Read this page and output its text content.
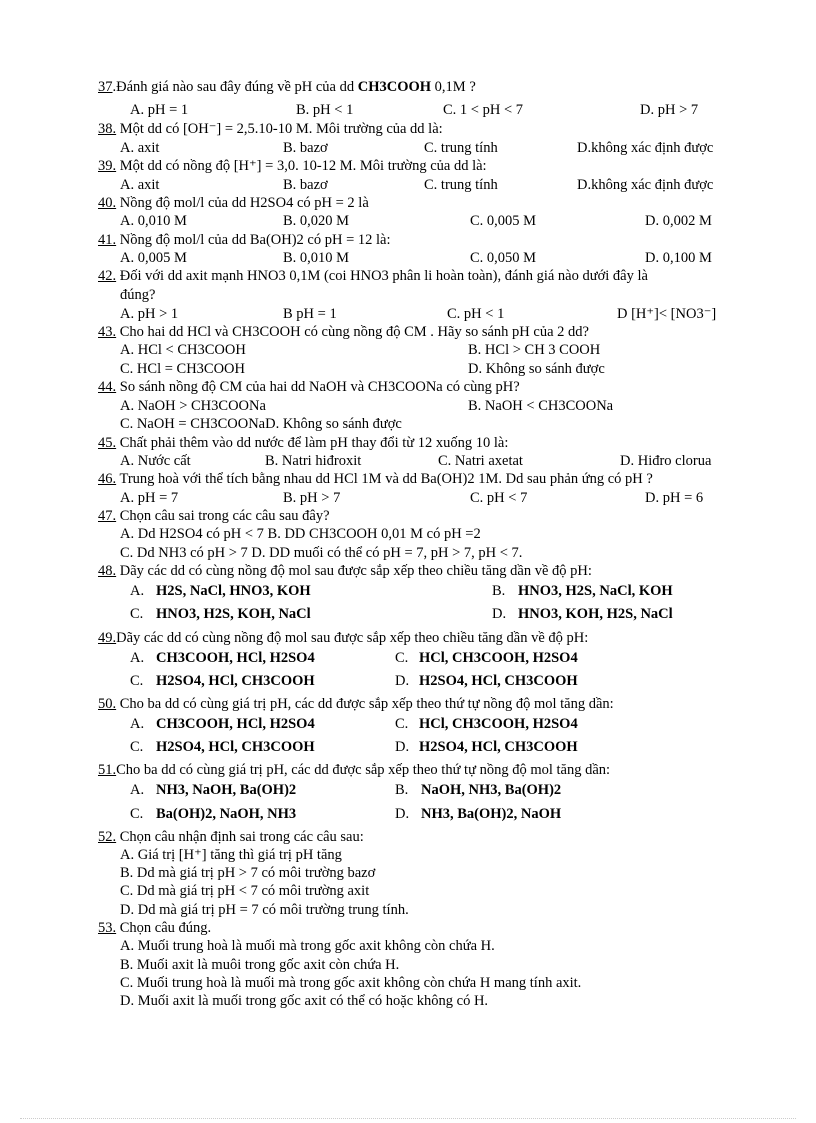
37.Đánh giá nào sau đây đúng về pH của dd CH3COOH 0,1M ?
A. pH = 1	B. pH < 1	C. 1 < pH < 7	D. pH > 7
38. Một dd có [OH⁻] = 2,5.10-10 M. Môi trường của dd là:
A. axit	B. bazơ	C. trung tính	D.không xác định được
39. Một dd có nồng độ [H⁺] = 3,0. 10-12 M. Môi trường của dd là:
A. axit	B. bazơ	C. trung tính	D.không xác định được
40. Nồng độ mol/l của dd H2SO4 có pH = 2 là
A. 0,010 M	B. 0,020 M	C. 0,005 M	D. 0,002 M
41. Nồng độ mol/l của dd Ba(OH)2 có pH = 12 là:
A. 0,005 M	B. 0,010 M	C. 0,050 M	D. 0,100 M
42. Đối với dd axit mạnh HNO3 0,1M (coi HNO3 phân li hoàn toàn), đánh giá nào dưới đây là
đúng?
A. pH > 1	B pH = 1	C. pH < 1	D [H⁺]< [NO3⁻]
43. Cho hai dd HCl và CH3COOH có cùng nồng độ CM . Hãy so sánh pH của 2 dd?
A. HCl < CH3COOH	B. HCl > CH 3 COOH
C. HCl = CH3COOH	D. Không so sánh được
44. So sánh nồng độ CM của hai dd NaOH và CH3COONa có cùng pH?
A. NaOH > CH3COONa	B. NaOH < CH3COONa
C. NaOH = CH3COONaD. Không so sánh được
45. Chất phải thêm vào dd nước để làm pH thay đổi từ 12 xuống 10 là:
A. Nước cất	B. Natri hiđroxit	C. Natri axetat	D. Hiđro clorua
46. Trung hoà với thể tích bằng nhau dd HCl 1M và dd Ba(OH)2 1M. Dd sau phản ứng có pH ?
A. pH = 7	B. pH > 7	C. pH < 7	D. pH = 6
47. Chọn câu sai trong các câu sau đây?
A. Dd H2SO4 có pH < 7 B. DD CH3COOH 0,01 M có pH =2
C. Dd NH3 có pH > 7 D. DD muối có thể có pH = 7, pH > 7, pH < 7.
48. Dãy các dd có cùng nồng độ mol sau được sắp xếp theo chiều tăng dần về độ pH:
A. H2S, NaCl, HNO3, KOH	B. HNO3, H2S, NaCl, KOH
C. HNO3, H2S, KOH, NaCl	D. HNO3, KOH, H2S, NaCl
49.Dãy các dd có cùng nồng độ mol sau được sắp xếp theo chiều tăng dần về độ pH:
A. CH3COOH, HCl, H2SO4	C. HCl, CH3COOH, H2SO4
C. H2SO4, HCl, CH3COOH	D. H2SO4, HCl, CH3COOH
50. Cho ba dd có cùng giá trị pH, các dd được sắp xếp theo thứ tự nồng độ mol tăng dần:
A. CH3COOH, HCl, H2SO4	C. HCl, CH3COOH, H2SO4
C. H2SO4, HCl, CH3COOH	D. H2SO4, HCl, CH3COOH
51.Cho ba dd có cùng giá trị pH, các dd được sắp xếp theo thứ tự nồng độ mol tăng dần:
A. NH3, NaOH, Ba(OH)2	B. NaOH, NH3, Ba(OH)2
C. Ba(OH)2, NaOH, NH3	D. NH3, Ba(OH)2, NaOH
52. Chọn câu nhận định sai trong các câu sau:
A. Giá trị [H⁺] tăng thì giá trị pH tăng
B. Dd mà giá trị pH > 7 có môi trường bazơ
C. Dd mà giá trị pH < 7 có môi trường axit
D. Dd mà giá trị pH = 7 có môi trường trung tính.
53. Chọn câu đúng.
A. Muối trung hoà là muối mà trong gốc axit không còn chứa H.
B. Muối axit là muôi trong gốc axit còn chứa H.
C. Muối trung hoà là muối mà trong gốc axit không còn chứa H mang tính axit.
D. Muối axit là muối trong gốc axit có thể có hoặc không có H.
